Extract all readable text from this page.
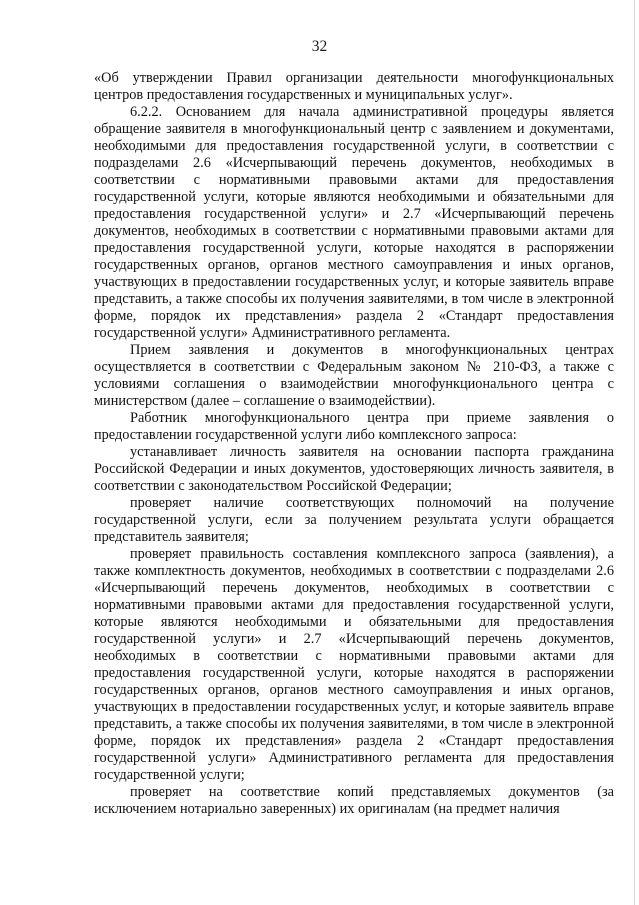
32

«Об утверждении Правил организации деятельности многофункциональных центров предоставления государственных и муниципальных услуг».

6.2.2. Основанием для начала административной процедуры является обращение заявителя в многофункциональный центр с заявлением и документами, необходимыми для предоставления государственной услуги, в соответствии с подразделами 2.6 «Исчерпывающий перечень документов, необходимых в соответствии с нормативными правовыми актами для предоставления государственной услуги, которые являются необходимыми и обязательными для предоставления государственной услуги» и 2.7 «Исчерпывающий перечень документов, необходимых в соответствии с нормативными правовыми актами для предоставления государственной услуги, которые находятся в распоряжении государственных органов, органов местного самоуправления и иных органов, участвующих в предоставлении государственных услуг, и которые заявитель вправе представить, а также способы их получения заявителями, в том числе в электронной форме, порядок их представления» раздела 2 «Стандарт предоставления государственной услуги» Административного регламента.

Прием заявления и документов в многофункциональных центрах осуществляется в соответствии с Федеральным законом № 210-ФЗ, а также с условиями соглашения о взаимодействии многофункционального центра с министерством (далее – соглашение о взаимодействии).

Работник многофункционального центра при приеме заявления о предоставлении государственной услуги либо комплексного запроса:

устанавливает личность заявителя на основании паспорта гражданина Российской Федерации и иных документов, удостоверяющих личность заявителя, в соответствии с законодательством Российской Федерации;

проверяет наличие соответствующих полномочий на получение государственной услуги, если за получением результата услуги обращается представитель заявителя;

проверяет правильность составления комплексного запроса (заявления), а также комплектность документов, необходимых в соответствии с подразделами 2.6 «Исчерпывающий перечень документов, необходимых в соответствии с нормативными правовыми актами для предоставления государственной услуги, которые являются необходимыми и обязательными для предоставления государственной услуги» и 2.7 «Исчерпывающий перечень документов, необходимых в соответствии с нормативными правовыми актами для предоставления государственной услуги, которые находятся в распоряжении государственных органов, органов местного самоуправления и иных органов, участвующих в предоставлении государственных услуг, и которые заявитель вправе представить, а также способы их получения заявителями, в том числе в электронной форме, порядок их представления» раздела 2 «Стандарт предоставления государственной услуги» Административного регламента для предоставления государственной услуги;

проверяет на соответствие копий представляемых документов (за исключением нотариально заверенных) их оригиналам (на предмет наличия
